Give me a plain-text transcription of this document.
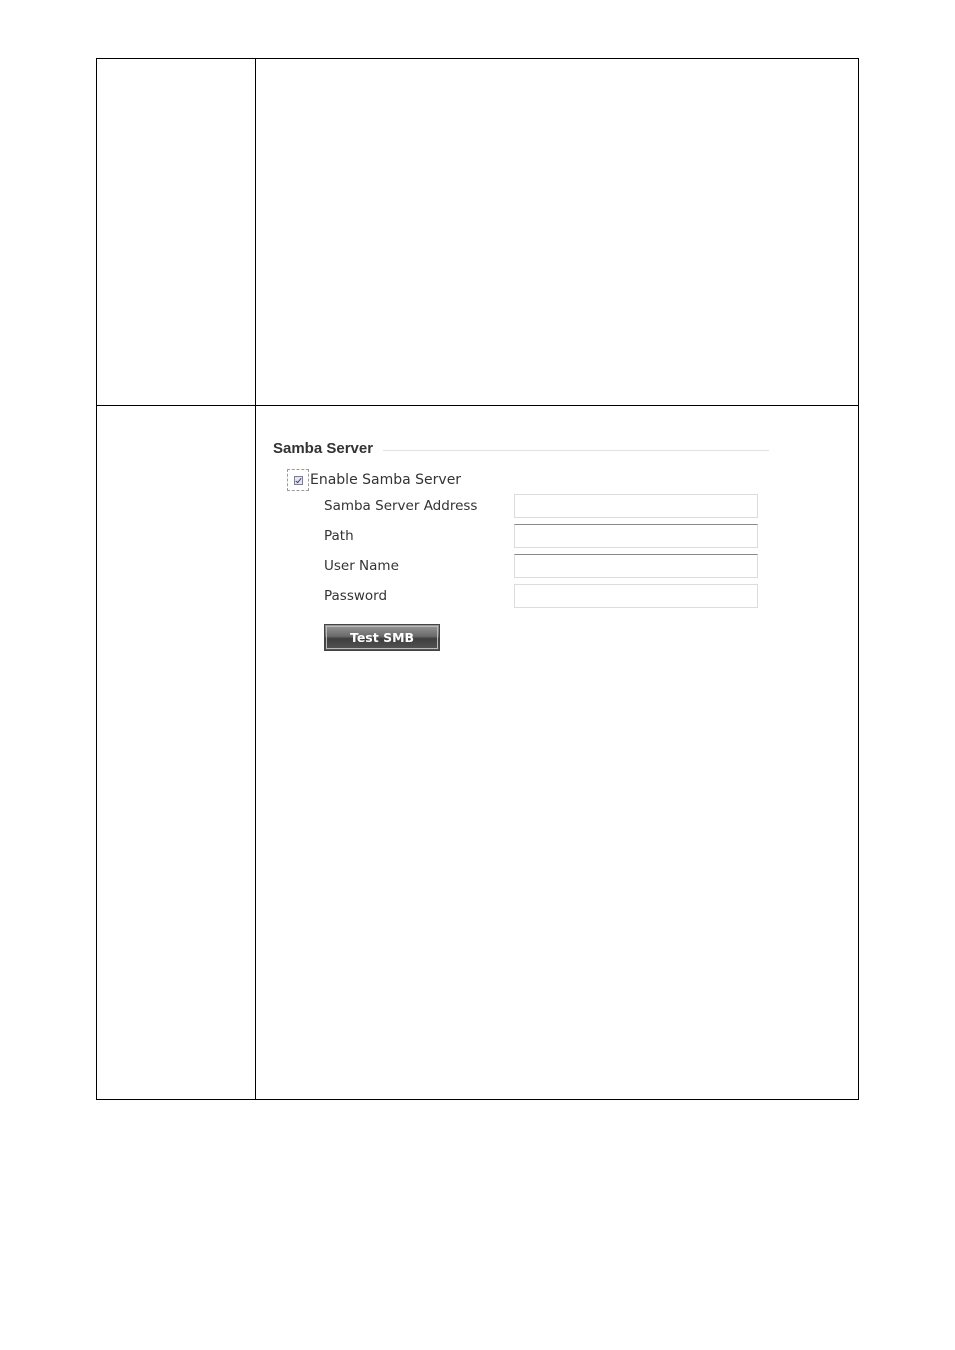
Samba Server
Enable Samba Server
Samba Server Address
Path
User Name
Password
Test SMB
